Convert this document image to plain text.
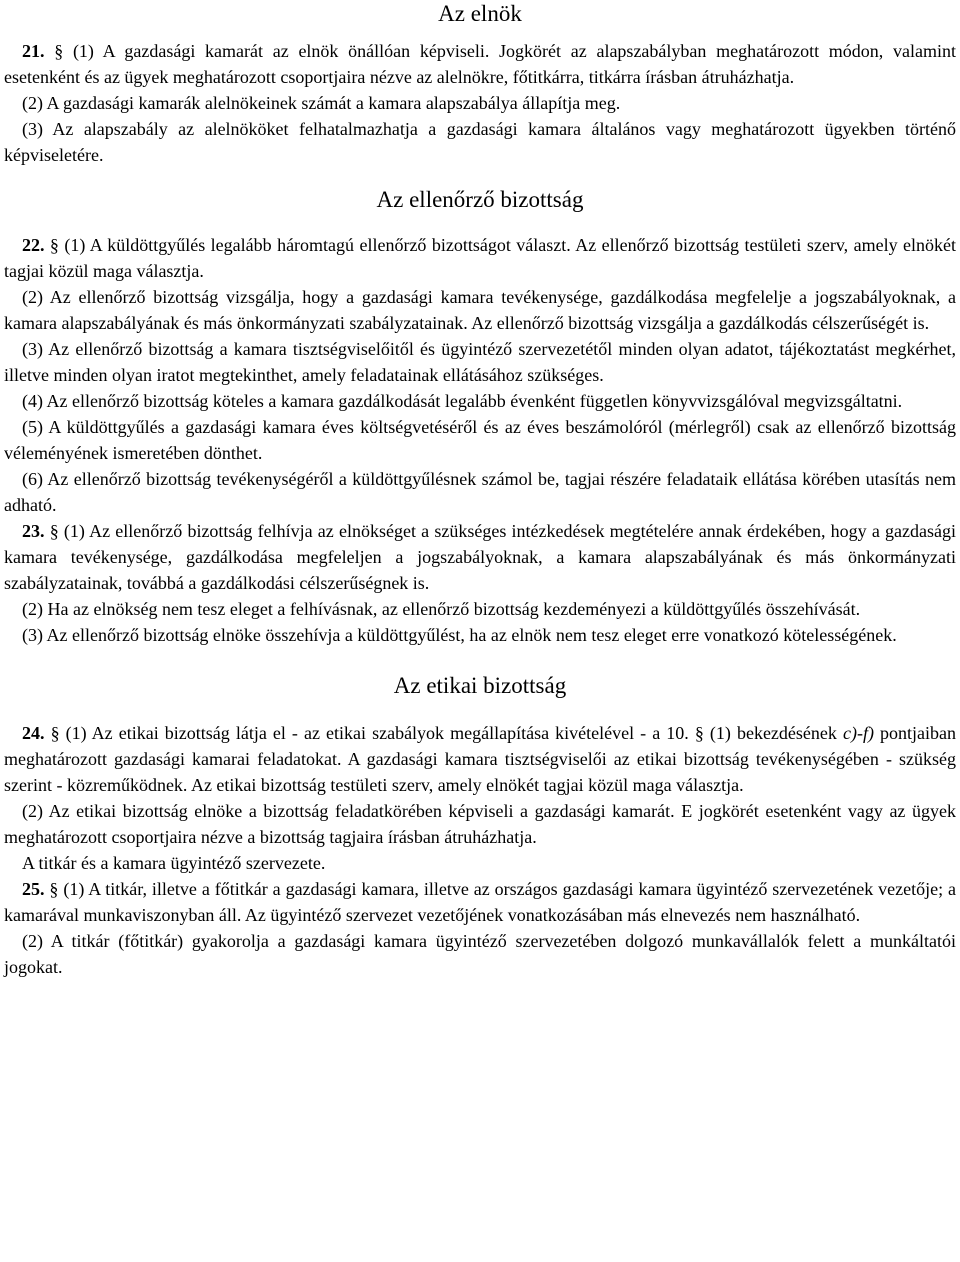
Az elnök

21. § (1) A gazdasági kamarát az elnök önállóan képviseli. Jogkörét az alapszabályban meghatározott módon, valamint esetenként és az ügyek meghatározott csoportjaira nézve az alelnökre, főtitkárra, titkárra írásban átruházhatja.

(2) A gazdasági kamarák alelnökeinek számát a kamara alapszabálya állapítja meg.

(3) Az alapszabály az alelnököket felhatalmazhatja a gazdasági kamara általános vagy meghatározott ügyekben történő képviseletére.

Az ellenőrző bizottság

22. § (1) A küldöttgyűlés legalább háromtagú ellenőrző bizottságot választ. Az ellenőrző bizottság testületi szerv, amely elnökét tagjai közül maga választja.

(2) Az ellenőrző bizottság vizsgálja, hogy a gazdasági kamara tevékenysége, gazdálkodása megfelelje a jogszabályoknak, a kamara alapszabályának és más önkormányzati szabályzatainak. Az ellenőrző bizottság vizsgálja a gazdálkodás célszerűségét is.

(3) Az ellenőrző bizottság a kamara tisztségviselőitől és ügyintéző szervezetétől minden olyan adatot, tájékoztatást megkérhet, illetve minden olyan iratot megtekinthet, amely feladatainak ellátásához szükséges.

(4) Az ellenőrző bizottság köteles a kamara gazdálkodását legalább évenként független könyvvizsgálóval megvizsgáltatni.

(5) A küldöttgyűlés a gazdasági kamara éves költségvetéséről és az éves beszámolóról (mérlegről) csak az ellenőrző bizottság véleményének ismeretében dönthet.

(6) Az ellenőrző bizottság tevékenységéről a küldöttgyűlésnek számol be, tagjai részére feladataik ellátása körében utasítás nem adható.

23. § (1) Az ellenőrző bizottság felhívja az elnökséget a szükséges intézkedések megtételére annak érdekében, hogy a gazdasági kamara tevékenysége, gazdálkodása megfeleljen a jogszabályoknak, a kamara alapszabályának és más önkormányzati szabályzatainak, továbbá a gazdálkodási célszerűségnek is.

(2) Ha az elnökség nem tesz eleget a felhívásnak, az ellenőrző bizottság kezdeményezi a küldöttgyűlés összehívását.

(3) Az ellenőrző bizottság elnöke összehívja a küldöttgyűlést, ha az elnök nem tesz eleget erre vonatkozó kötelességének.

Az etikai bizottság

24. § (1) Az etikai bizottság látja el - az etikai szabályok megállapítása kivételével - a 10. § (1) bekezdésének c)-f) pontjaiban meghatározott gazdasági kamarai feladatokat. A gazdasági kamara tisztségviselői az etikai bizottság tevékenységében - szükség szerint - közreműködnek. Az etikai bizottság testületi szerv, amely elnökét tagjai közül maga választja.

(2) Az etikai bizottság elnöke a bizottság feladatkörében képviseli a gazdasági kamarát. E jogkörét esetenként vagy az ügyek meghatározott csoportjaira nézve a bizottság tagjaira írásban átruházhatja.

A titkár és a kamara ügyintéző szervezete.

25. § (1) A titkár, illetve a főtitkár a gazdasági kamara, illetve az országos gazdasági kamara ügyintéző szervezetének vezetője; a kamarával munkaviszonyban áll. Az ügyintéző szervezet vezetőjének vonatkozásában más elnevezés nem használható.

(2) A titkár (főtitkár) gyakorolja a gazdasági kamara ügyintéző szervezetében dolgozó munkavállalók felett a munkáltatói jogokat.
